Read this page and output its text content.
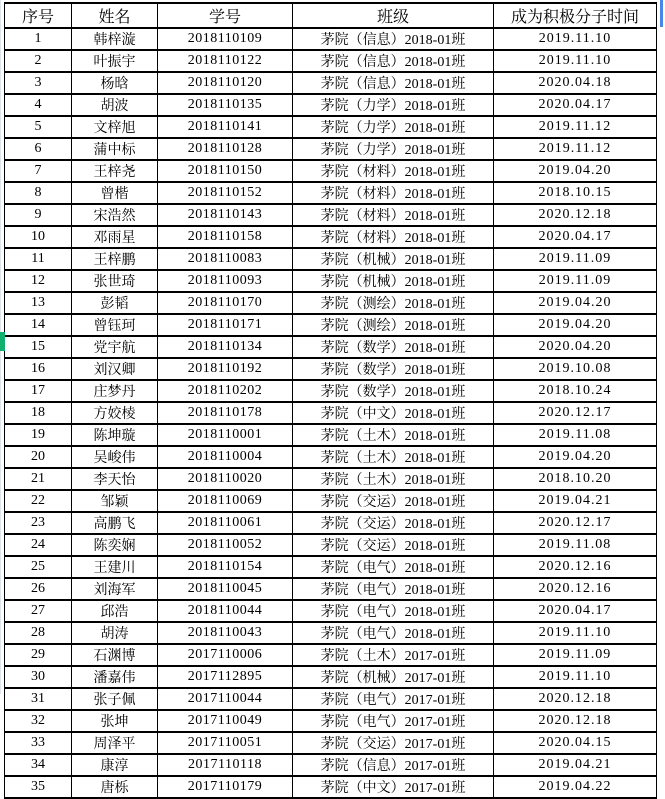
序号	姓名	学号	班级	成为积极分子时间
1	韩梓漩	2018110109	茅院（信息）2018-01班	2019.11.10
2	叶振宇	2018110122	茅院（信息）2018-01班	2019.11.10
3	杨晗	2018110120	茅院（信息）2018-01班	2020.04.18
4	胡波	2018110135	茅院（力学）2018-01班	2020.04.17
5	文梓旭	2018110141	茅院（力学）2018-01班	2019.11.12
6	蒲中标	2018110128	茅院（力学）2018-01班	2019.11.12
7	王梓尧	2018110150	茅院（材料）2018-01班	2019.04.20
8	曾楷	2018110152	茅院（材料）2018-01班	2018.10.15
9	宋浩然	2018110143	茅院（材料）2018-01班	2020.12.18
10	邓雨星	2018110158	茅院（材料）2018-01班	2020.04.17
11	王梓鹏	2018110083	茅院（机械）2018-01班	2019.11.09
12	张世琦	2018110093	茅院（机械）2018-01班	2019.11.09
13	彭韬	2018110170	茅院（测绘）2018-01班	2019.04.20
14	曾钰珂	2018110171	茅院（测绘）2018-01班	2019.04.20
15	党宇航	2018110134	茅院（数学）2018-01班	2020.04.20
16	刘汉卿	2018110192	茅院（数学）2018-01班	2019.10.08
17	庄梦丹	2018110202	茅院（数学）2018-01班	2018.10.24
18	方姣棱	2018110178	茅院（中文）2018-01班	2020.12.17
19	陈坤璇	2018110001	茅院（土木）2018-01班	2019.11.08
20	吴峻伟	2018110004	茅院（土木）2018-01班	2019.04.20
21	李天怡	2018110020	茅院（土木）2018-01班	2018.10.20
22	邹颖	2018110069	茅院（交运）2018-01班	2019.04.21
23	高鹏飞	2018110061	茅院（交运）2018-01班	2020.12.17
24	陈奕娴	2018110052	茅院（交运）2018-01班	2019.11.08
25	王建川	2018110154	茅院（电气）2018-01班	2020.12.16
26	刘海军	2018110045	茅院（电气）2018-01班	2020.12.16
27	邱浩	2018110044	茅院（电气）2018-01班	2020.04.17
28	胡涛	2018110043	茅院（电气）2018-01班	2019.11.10
29	石渊博	2017110006	茅院（土木）2017-01班	2019.11.09
30	潘嘉伟	2017112895	茅院（机械）2017-01班	2019.11.10
31	张子佩	2017110044	茅院（电气）2017-01班	2020.12.18
32	张坤	2017110049	茅院（电气）2017-01班	2020.12.18
33	周泽平	2017110051	茅院（交运）2017-01班	2020.04.15
34	康淳	2017110118	茅院（信息）2017-01班	2019.04.21
35	唐栎	2017110179	茅院（中文）2017-01班	2019.04.22
